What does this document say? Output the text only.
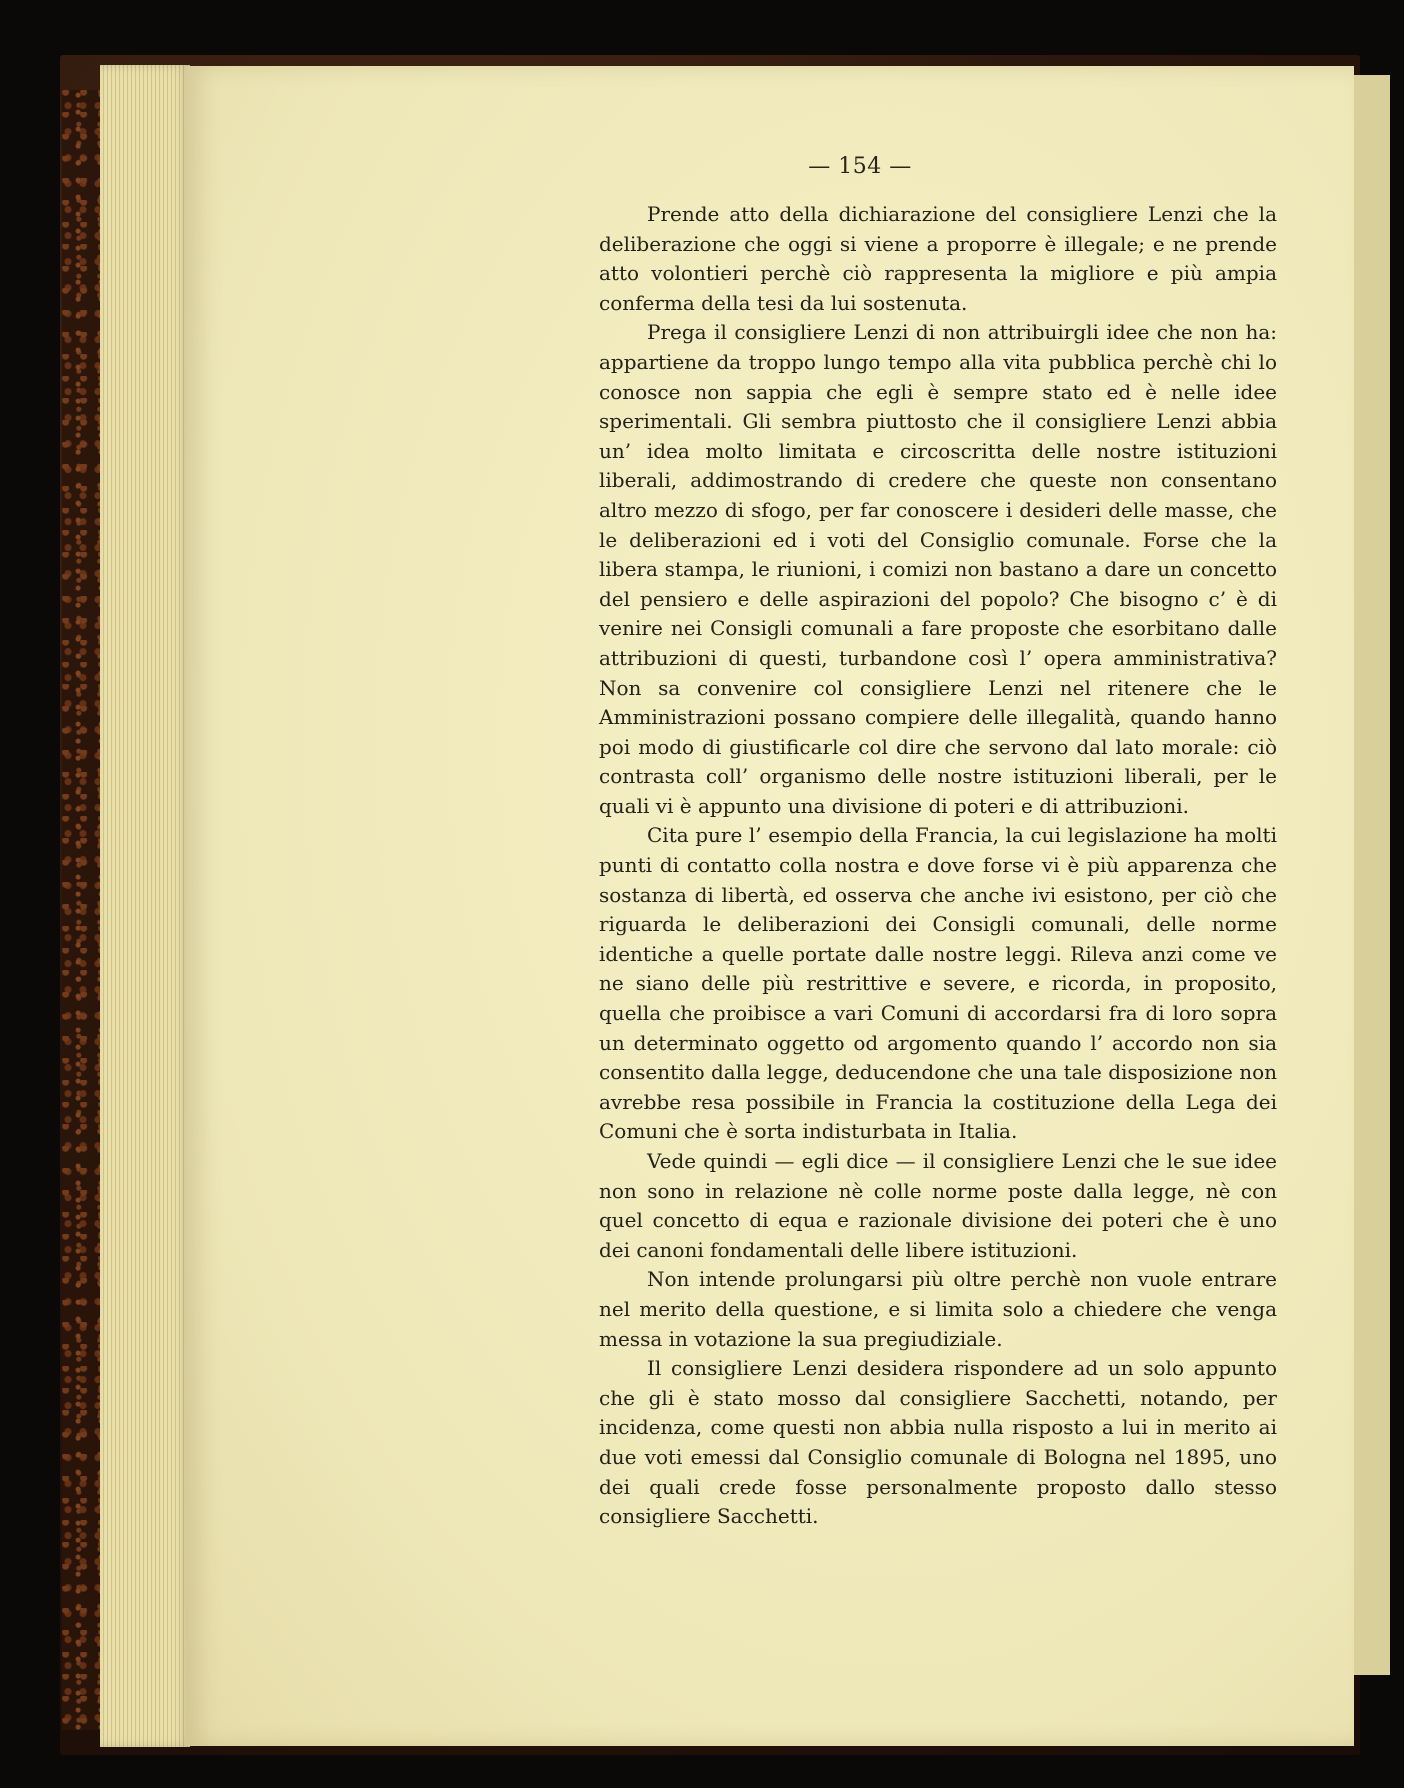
— 154 —

Prende atto della dichiarazione del consigliere Lenzi che la deliberazione che oggi si viene a proporre è illegale; e ne prende atto volontieri perchè ciò rappresenta la migliore e più ampia conferma della tesi da lui sostenuta.

Prega il consigliere Lenzi di non attribuirgli idee che non ha: appartiene da troppo lungo tempo alla vita pubblica perchè chi lo conosce non sappia che egli è sempre stato ed è nelle idee sperimentali. Gli sembra piuttosto che il consigliere Lenzi abbia un’ idea molto limitata e circoscritta delle nostre istituzioni liberali, addimostrando di credere che queste non consentano altro mezzo di sfogo, per far conoscere i desideri delle masse, che le deliberazioni ed i voti del Consiglio comunale. Forse che la libera stampa, le riunioni, i comizi non bastano a dare un concetto del pensiero e delle aspirazioni del popolo? Che bisogno c’ è di venire nei Consigli comunali a fare proposte che esorbitano dalle attribuzioni di questi, turbandone così l’ opera amministrativa? Non sa convenire col consigliere Lenzi nel ritenere che le Amministrazioni possano compiere delle illegalità, quando hanno poi modo di giustificarle col dire che servono dal lato morale: ciò contrasta coll’ organismo delle nostre istituzioni liberali, per le quali vi è appunto una divisione di poteri e di attribuzioni.

Cita pure l’ esempio della Francia, la cui legislazione ha molti punti di contatto colla nostra e dove forse vi è più apparenza che sostanza di libertà, ed osserva che anche ivi esistono, per ciò che riguarda le deliberazioni dei Consigli comunali, delle norme identiche a quelle portate dalle nostre leggi. Rileva anzi come ve ne siano delle più restrittive e severe, e ricorda, in proposito, quella che proibisce a vari Comuni di accordarsi fra di loro sopra un determinato oggetto od argomento quando l’ accordo non sia consentito dalla legge, deducendone che una tale disposizione non avrebbe resa possibile in Francia la costituzione della Lega dei Comuni che è sorta indisturbata in Italia.

Vede quindi — egli dice — il consigliere Lenzi che le sue idee non sono in relazione nè colle norme poste dalla legge, nè con quel concetto di equa e razionale divisione dei poteri che è uno dei canoni fondamentali delle libere istituzioni.

Non intende prolungarsi più oltre perchè non vuole entrare nel merito della questione, e si limita solo a chiedere che venga messa in votazione la sua pregiudiziale.

Il consigliere Lenzi desidera rispondere ad un solo appunto che gli è stato mosso dal consigliere Sacchetti, notando, per incidenza, come questi non abbia nulla risposto a lui in merito ai due voti emessi dal Consiglio comunale di Bologna nel 1895, uno dei quali crede fosse personalmente proposto dallo stesso consigliere Sacchetti.
